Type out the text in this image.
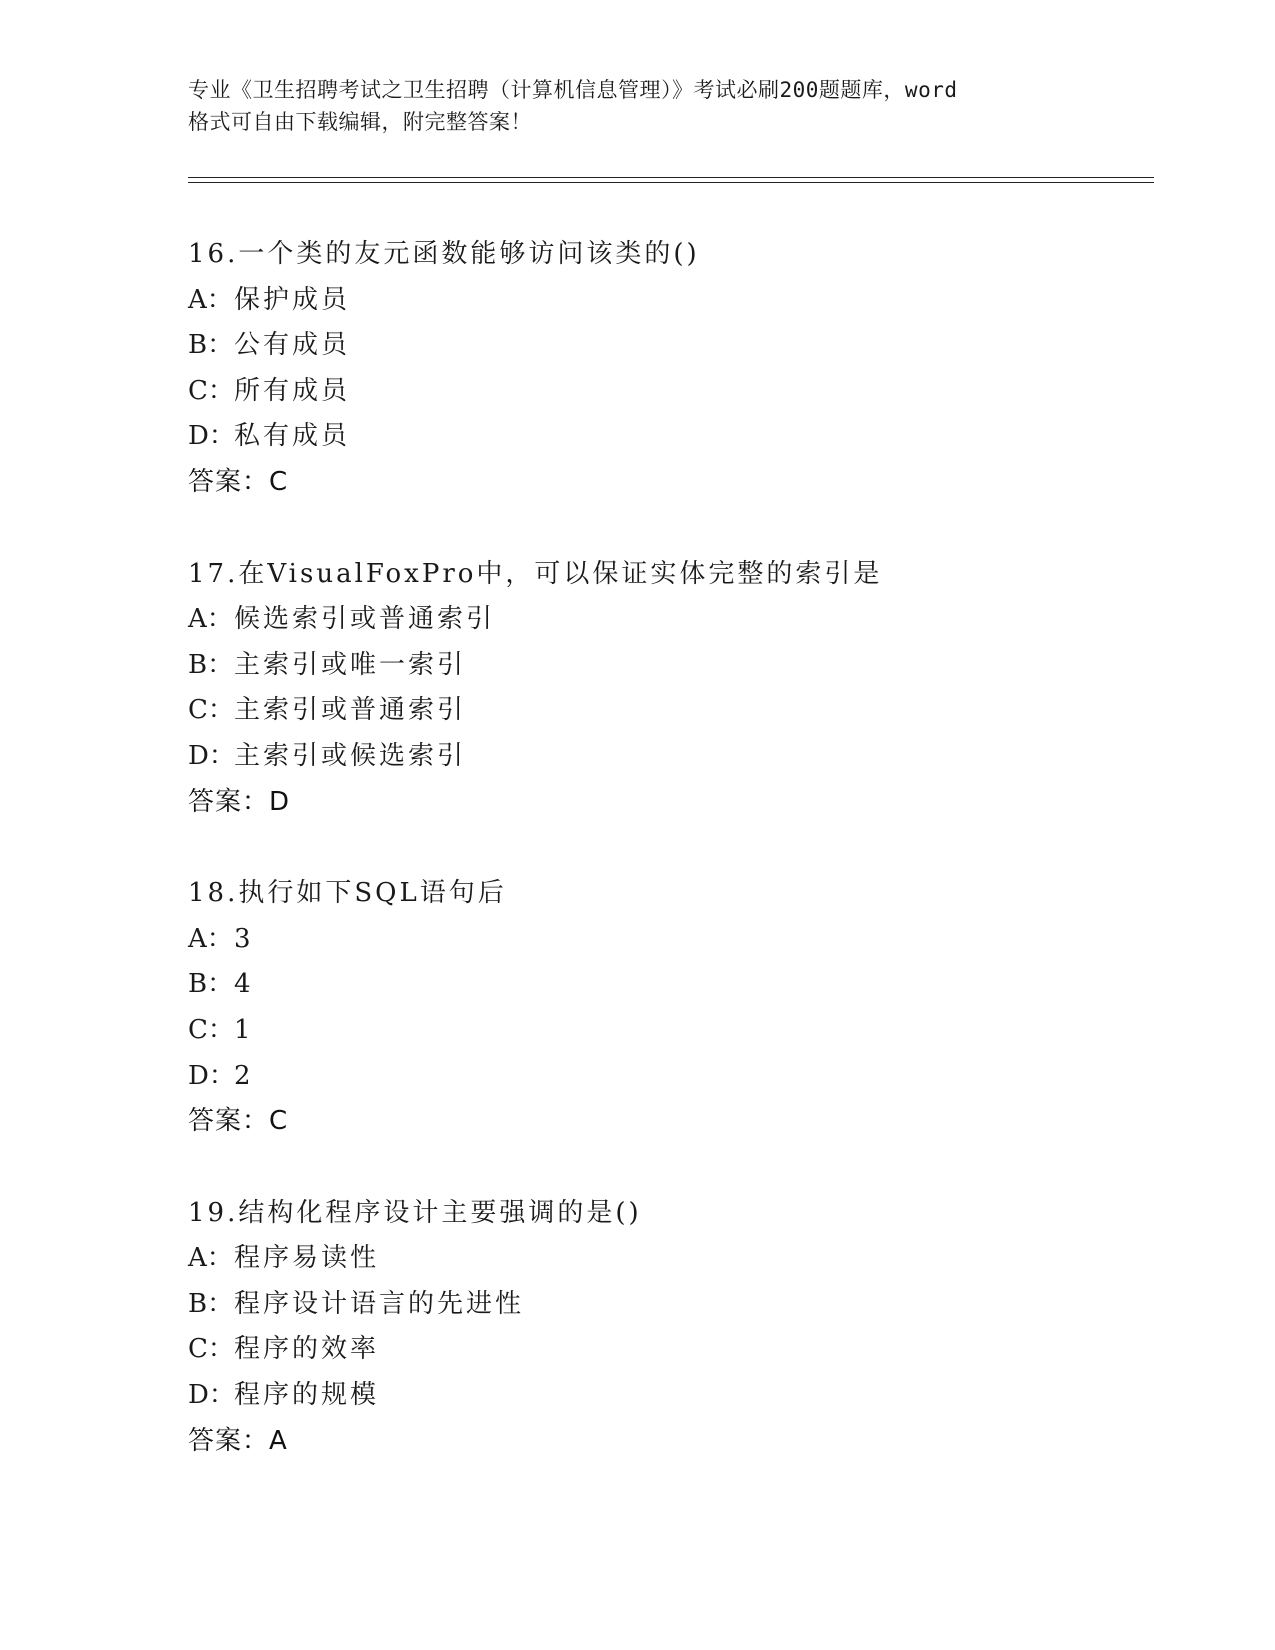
专业《卫生招聘考试之卫生招聘（计算机信息管理）》考试必刷200题题库，word
格式可自由下载编辑，附完整答案！
16.一个类的友元函数能够访问该类的()
A：保护成员
B：公有成员
C：所有成员
D：私有成员
答案：C
17.在VisualFoxPro中，可以保证实体完整的索引是
A：候选索引或普通索引
B：主索引或唯一索引
C：主索引或普通索引
D：主索引或候选索引
答案：D
18.执行如下SQL语句后
A：3
B：4
C：1
D：2
答案：C
19.结构化程序设计主要强调的是()
A：程序易读性
B：程序设计语言的先进性
C：程序的效率
D：程序的规模
答案：A
